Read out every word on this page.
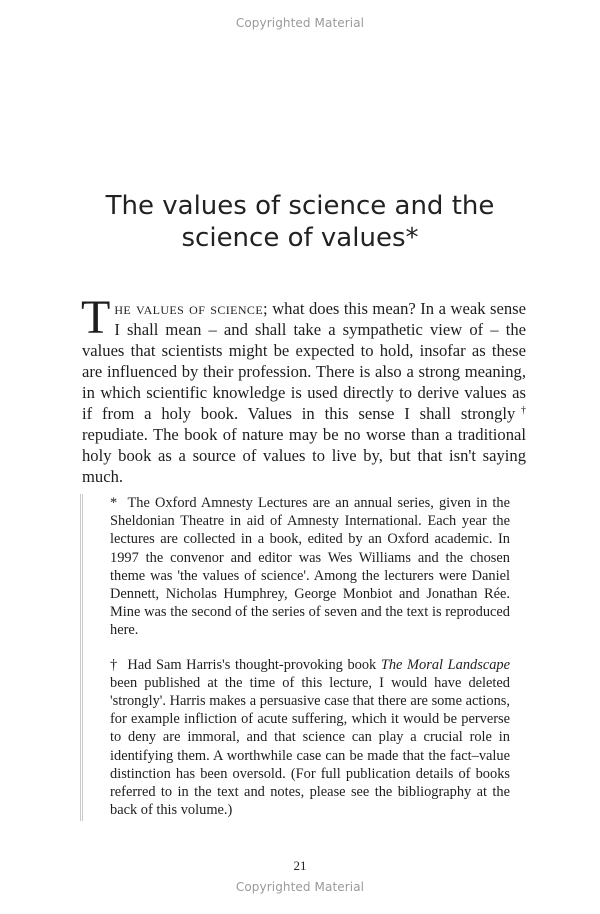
Copyrighted Material
The values of science and the
science of values*

The values of science; what does this mean? In a weak sense I shall mean – and shall take a sympathetic view of – the values that scientists might be expected to hold, insofar as these are influenced by their profession. There is also a strong meaning, in which scientific knowledge is used directly to derive values as if from a holy book. Values in this sense I shall strongly† repudiate. The book of nature may be no worse than a traditional holy book as a source of values to live by, but that isn't saying much.

* The Oxford Amnesty Lectures are an annual series, given in the Sheldonian Theatre in aid of Amnesty International. Each year the lectures are collected in a book, edited by an Oxford academic. In 1997 the convenor and editor was Wes Williams and the chosen theme was 'the values of science'. Among the lecturers were Daniel Dennett, Nicholas Humphrey, George Monbiot and Jonathan Rée. Mine was the second of the series of seven and the text is reproduced here.

† Had Sam Harris's thought-provoking book The Moral Landscape been published at the time of this lecture, I would have deleted 'strongly'. Harris makes a persuasive case that there are some actions, for example infliction of acute suffering, which it would be perverse to deny are immoral, and that science can play a crucial role in identifying them. A worthwhile case can be made that the fact–value distinction has been oversold. (For full publication details of books referred to in the text and notes, please see the bibliography at the back of this volume.)

21
Copyrighted Material
